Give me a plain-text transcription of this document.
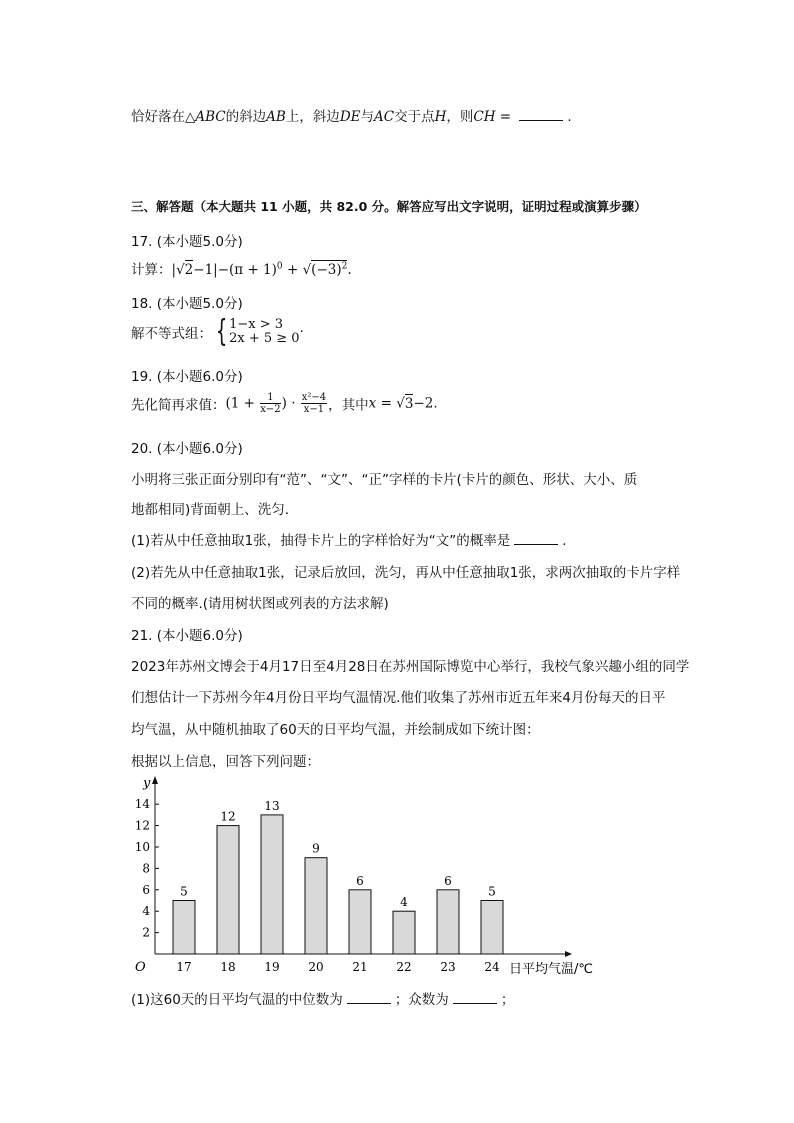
恰好落在△ABC的斜边AB上，斜边DE与AC交于点H，则CH =	.
三、解答题（本大题共 11 小题，共 82.0 分。解答应写出文字说明，证明过程或演算步骤）
17. (本小题5.0分)
计算：$|√2-1|-(\pi + 1)^0 + √(-3)^2$.
18. (本小题5.0分)
解不等式组： { 1−x > 3
2x + 5 ≥ 0 ·
19. (本小题6.0分)
先化简再求值：($1 + \frac{1}{x-2}$ ) · $\frac{\text{x²−4}}{x-1}$ ，其中x = √3−2.
20. (本小题6.0分)
小明将三张正面分别印有“范”、“文”、“正”字样的卡片(卡片的颜色、形状、大小、质
地都相同)背面朝上、洗匀.
(1)若从中任意抽取1张，抽得卡片上的字样恰好为“文”的概率是	.
(2)若先从中任意抽取1张，记录后放回，洗匀，再从中任意抽取1张，求两次抽取的卡片字样
不同的概率.(请用树状图或列表的方法求解)
21. (本小题6.0分)
2023年苏州文博会于4月17日至4月28日在苏州国际博览中心举行，我校气象兴趣小组的同学
们想估计一下苏州今年4月份日平均气温情况.他们收集了苏州市近五年来4月份每天的日平
均气温，从中随机抽取了60天的日平均气温，并绘制成如下统计图：
根据以上信息，回答下列问题：
y
O	日平均气温/℃
2
4
6
8
10
12
14
5
17
12
18
13
19
9
20
6
21
4
22
6
23
5
24
(1)这60天的日平均气温的中位数为	；众数为	；
